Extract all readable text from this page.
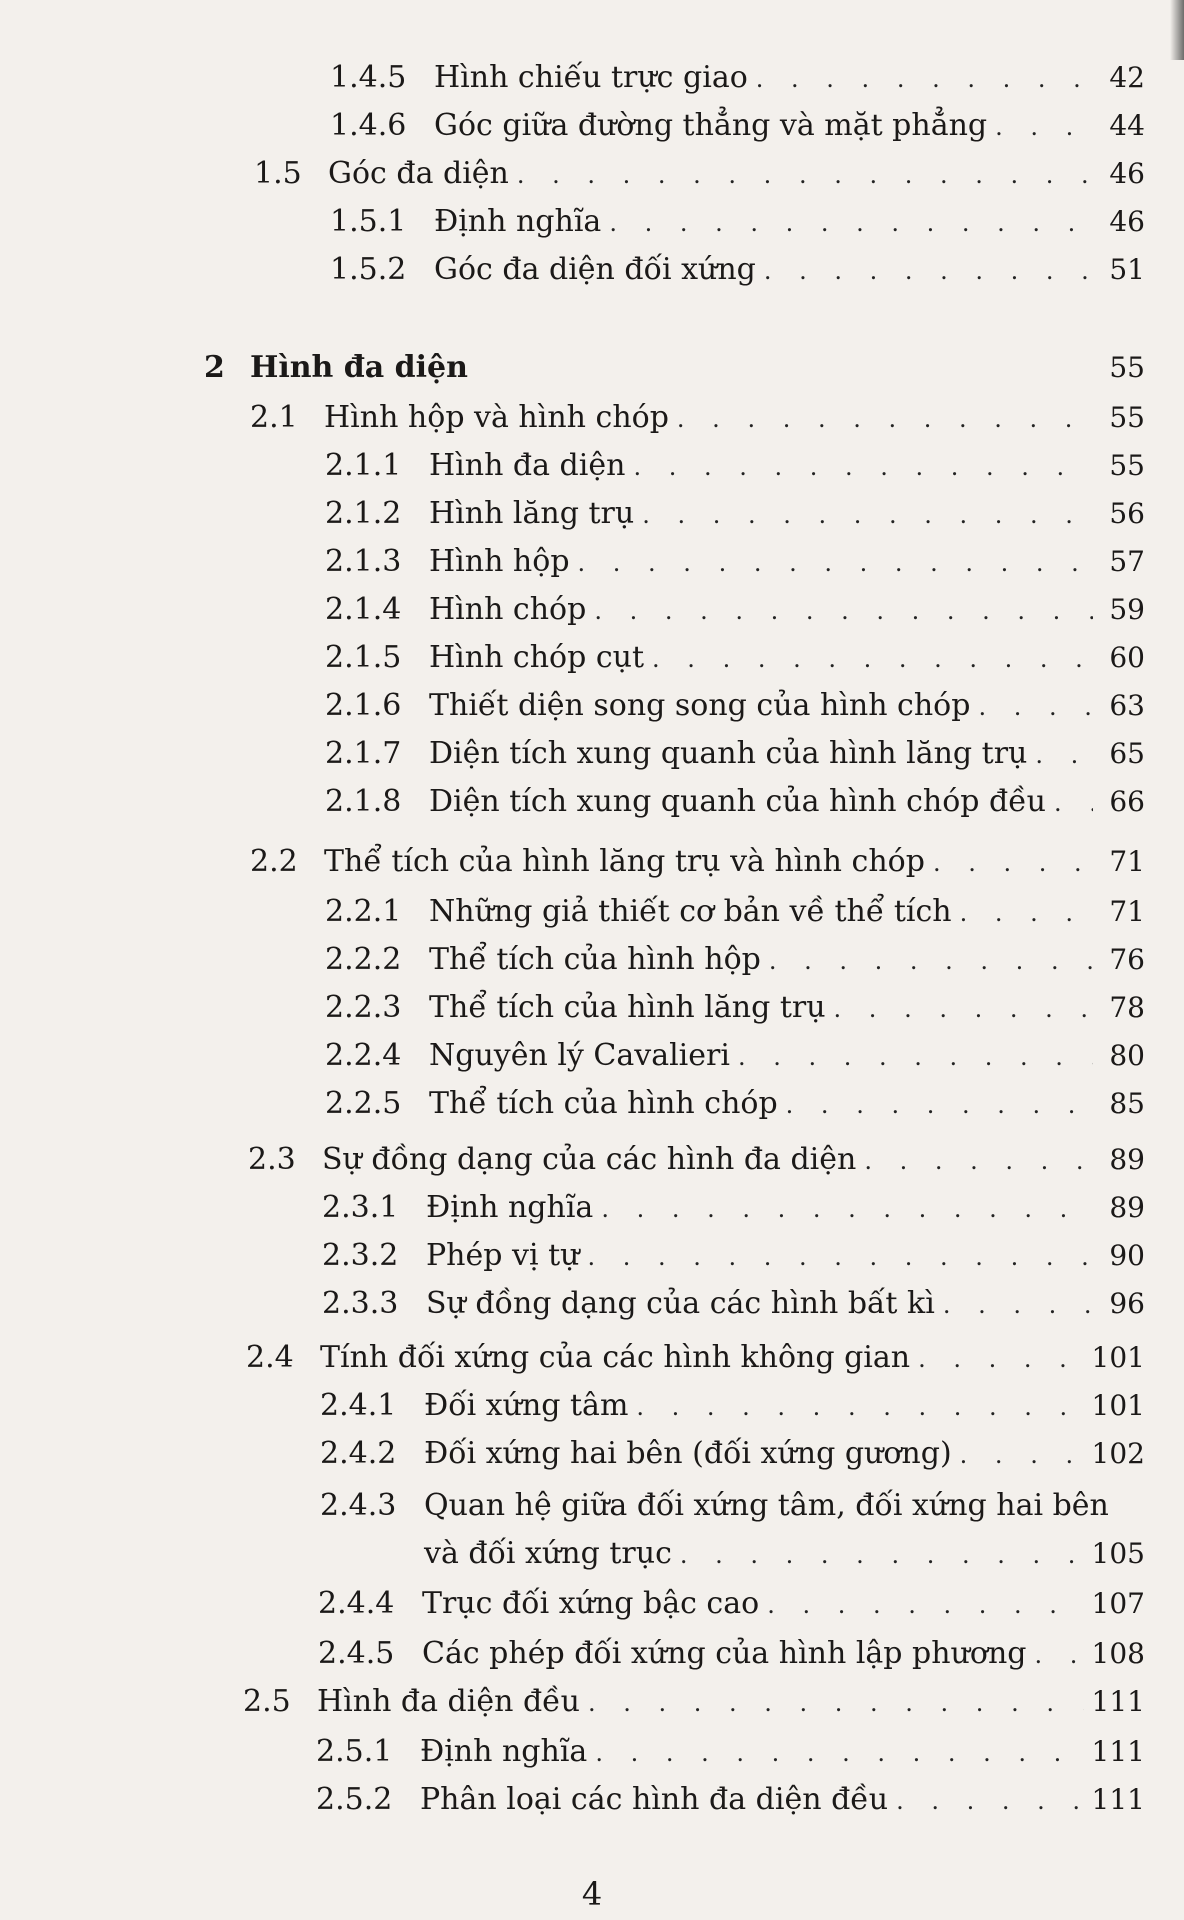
1.4.5 Hình chiếu trực giao . . .	42
1.4.6 Góc giữa đường thẳng và mặt phẳng . . .	44
1.5 Góc đa diện . . .	46
1.5.1 Định nghĩa . . .	46
1.5.2 Góc đa diện đối xứng . . .	51
2 Hình đa diện	55
2.1 Hình hộp và hình chóp . . .	55
2.1.1 Hình đa diện . . .	55
2.1.2 Hình lăng trụ . . .	56
2.1.3 Hình hộp . . .	57
2.1.4 Hình chóp . . .	59
2.1.5 Hình chóp cụt . . .	60
2.1.6 Thiết diện song song của hình chóp . . .	63
2.1.7 Diện tích xung quanh của hình lăng trụ . . .	65
2.1.8 Diện tích xung quanh của hình chóp đều . . . 66
2.2 Thể tích của hình lăng trụ và hình chóp . . .	71
2.2.1 Những giả thiết cơ bản về thể tích . . .	71
2.2.2 Thể tích của hình hộp . . .	76
2.2.3 Thể tích của hình lăng trụ . . .	78
2.2.4 Nguyên lý Cavalieri . . .	80
2.2.5 Thể tích của hình chóp . . .	85
2.3 Sự đồng dạng của các hình đa diện . . .	89
2.3.1 Định nghĩa . . .	89
2.3.2 Phép vị tự . . .	90
2.3.3 Sự đồng dạng của các hình bất kì . . .	96
2.4 Tính đối xứng của các hình không gian . . .	101
2.4.1 Đối xứng tâm . . .	101
2.4.2 Đối xứng hai bên (đối xứng gương) . . .	102
2.4.3 Quan hệ giữa đối xứng tâm, đối xứng hai bên
và đối xứng trục . . .	105
2.4.4 Trục đối xứng bậc cao . . .	107
2.4.5 Các phép đối xứng của hình lập phương . . . 108
2.5 Hình đa diện đều . . .	111
2.5.1 Định nghĩa . . .	111
2.5.2 Phân loại các hình đa diện đều . . .	111
4
